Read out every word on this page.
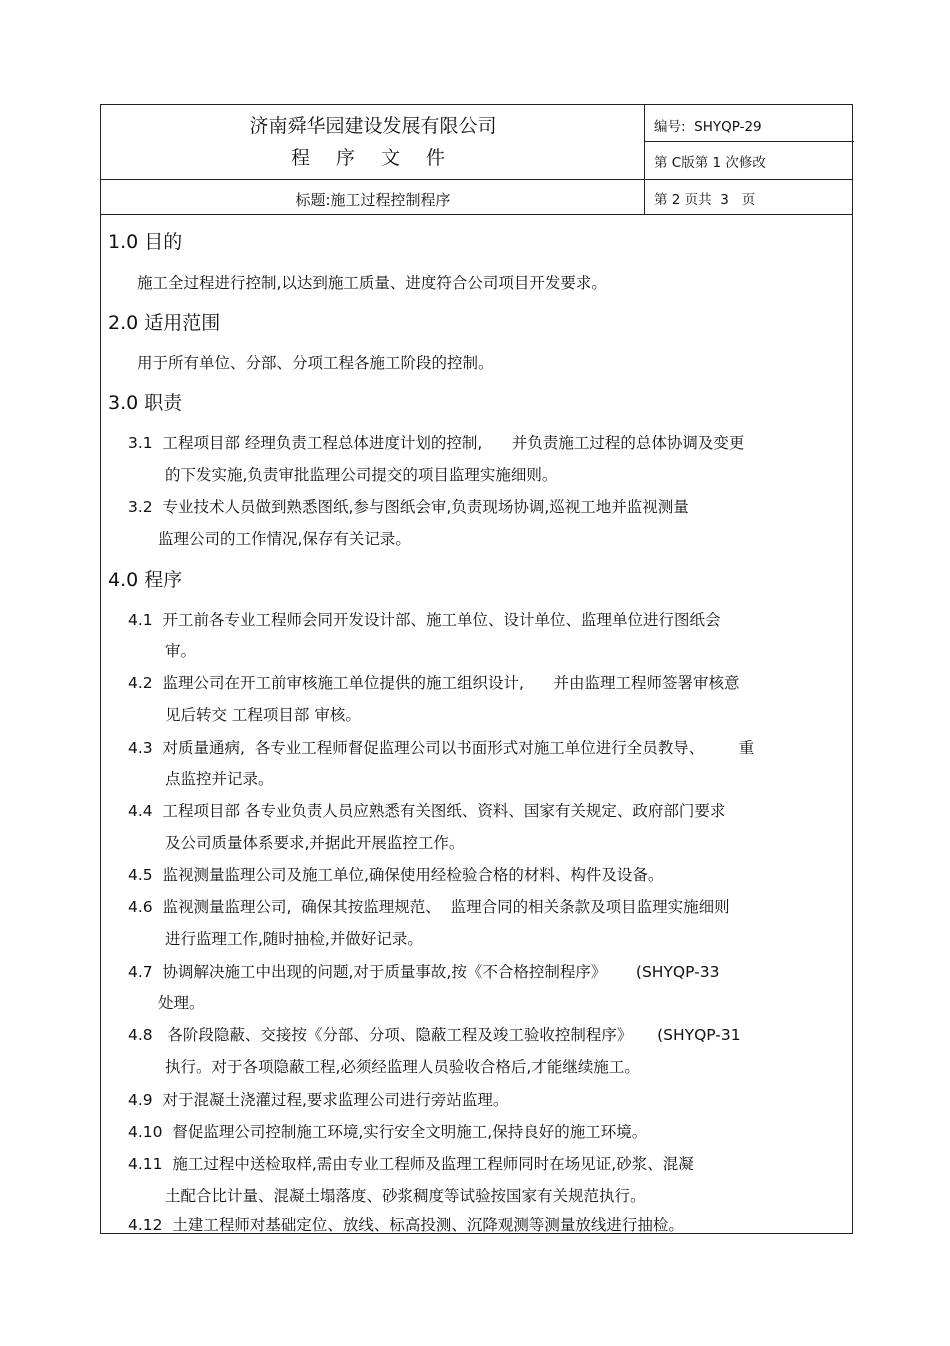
济南舜华园建设发展有限公司
程 序 文 件
编号:  SHYQP-29
第 C版第 1 次修改
标题:施工过程控制程序	第 2 页共  3   页
1.0 目的
施工全过程进行控制,以达到施工质量、进度符合公司项目开发要求。
2.0 适用范围
用于所有单位、分部、分项工程各施工阶段的控制。
3.0 职责
3.1  工程项目部 经理负责工程总体进度计划的控制,      并负责施工过程的总体协调及变更
的下发实施,负责审批监理公司提交的项目监理实施细则。
3.2  专业技术人员做到熟悉图纸,参与图纸会审,负责现场协调,巡视工地并监视测量
监理公司的工作情况,保存有关记录。
4.0 程序
4.1  开工前各专业工程师会同开发设计部、施工单位、设计单位、监理单位进行图纸会
审。
4.2  监理公司在开工前审核施工单位提供的施工组织设计,      并由监理工程师签署审核意
见后转交 工程项目部 审核。
4.3  对质量通病,  各专业工程师督促监理公司以书面形式对施工单位进行全员教导、       重
点监控并记录。
4.4  工程项目部 各专业负责人员应熟悉有关图纸、资料、国家有关规定、政府部门要求
及公司质量体系要求,并据此开展监控工作。
4.5  监视测量监理公司及施工单位,确保使用经检验合格的材料、构件及设备。
4.6  监视测量监理公司,  确保其按监理规范、  监理合同的相关条款及项目监理实施细则
进行监理工作,随时抽检,并做好记录。
4.7  协调解决施工中出现的问题,对于质量事故,按《不合格控制程序》      (SHYQP-33
处理。
4.8   各阶段隐蔽、交接按《分部、分项、隐蔽工程及竣工验收控制程序》     (SHYQP-31
执行。对于各项隐蔽工程,必须经监理人员验收合格后,才能继续施工。
4.9  对于混凝土浇灌过程,要求监理公司进行旁站监理。
4.10  督促监理公司控制施工环境,实行安全文明施工,保持良好的施工环境。
4.11  施工过程中送检取样,需由专业工程师及监理工程师同时在场见证,砂浆、混凝
土配合比计量、混凝土塌落度、砂浆稠度等试验按国家有关规范执行。
4.12  土建工程师对基础定位、放线、标高投测、沉降观测等测量放线进行抽检。
